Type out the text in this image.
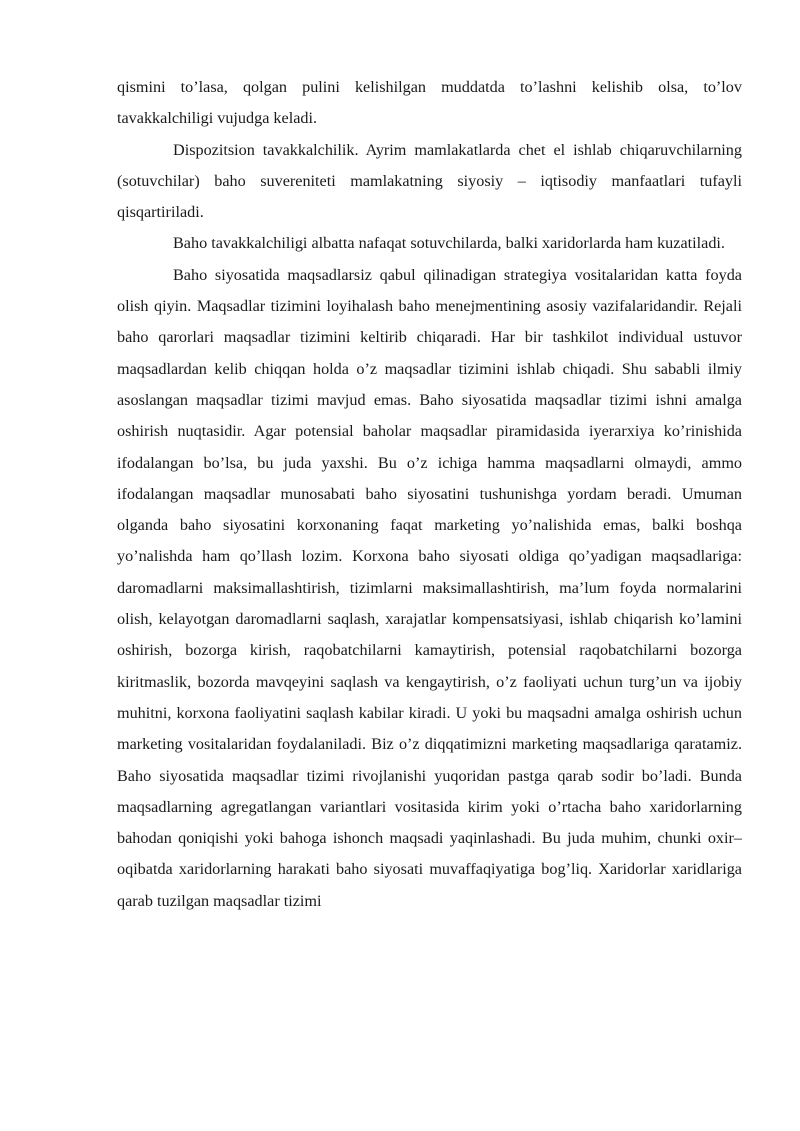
qismini to’lasa, qolgan pulini kelishilgan muddatda to’lashni kelishib olsa, to’lov tavakkalchiligi vujudga keladi.

Dispozitsion tavakkalchilik. Ayrim mamlakatlarda chet el ishlab chiqaruvchilarning (sotuvchilar) baho suvereniteti mamlakatning siyosiy – iqtisodiy manfaatlari tufayli qisqartiriladi.

Baho tavakkalchiligi albatta nafaqat sotuvchilarda, balki xaridorlarda ham kuzatiladi.

Baho siyosatida maqsadlarsiz qabul qilinadigan strategiya vositalaridan katta foyda olish qiyin. Maqsadlar tizimini loyihalash baho menejmentining asosiy vazifalaridandir. Rejali baho qarorlari maqsadlar tizimini keltirib chiqaradi. Har bir tashkilot individual ustuvor maqsadlardan kelib chiqqan holda o’z maqsadlar tizimini ishlab chiqadi. Shu sababli ilmiy asoslangan maqsadlar tizimi mavjud emas. Baho siyosatida maqsadlar tizimi ishni amalga oshirish nuqtasidir. Agar potensial baholar maqsadlar piramidasida iyerarxiya ko’rinishida ifodalangan bo’lsa, bu juda yaxshi. Bu o’z ichiga hamma maqsadlarni olmaydi, ammo ifodalangan maqsadlar munosabati baho siyosatini tushunishga yordam beradi. Umuman olganda baho siyosatini korxonaning faqat marketing yo’nalishida emas, balki boshqa yo’nalishda ham qo’llash lozim. Korxona baho siyosati oldiga qo’yadigan maqsadlariga: daromadlarni maksimallashtirish, tizimlarni maksimallashtirish, ma’lum foyda normalarini olish, kelayotgan daromadlarni saqlash, xarajatlar kompensatsiyasi, ishlab chiqarish ko’lamini oshirish, bozorga kirish, raqobatchilarni kamaytirish, potensial raqobatchilarni bozorga kiritmaslik, bozorda mavqeyini saqlash va kengaytirish, o’z faoliyati uchun turg’un va ijobiy muhitni, korxona faoliyatini saqlash kabilar kiradi. U yoki bu maqsadni amalga oshirish uchun marketing vositalaridan foydalaniladi. Biz o’z diqqatimizni marketing maqsadlariga qaratamiz. Baho siyosatida maqsadlar tizimi rivojlanishi yuqoridan pastga qarab sodir bo’ladi. Bunda maqsadlarning agregatlangan variantlari vositasida kirim yoki o’rtacha baho xaridorlarning bahodan qoniqishi yoki bahoga ishonch maqsadi yaqinlashadi. Bu juda muhim, chunki oxir–oqibatda xaridorlarning harakati baho siyosati muvaffaqiyatiga bog’liq. Xaridorlar xaridlariga qarab tuzilgan maqsadlar tizimi
